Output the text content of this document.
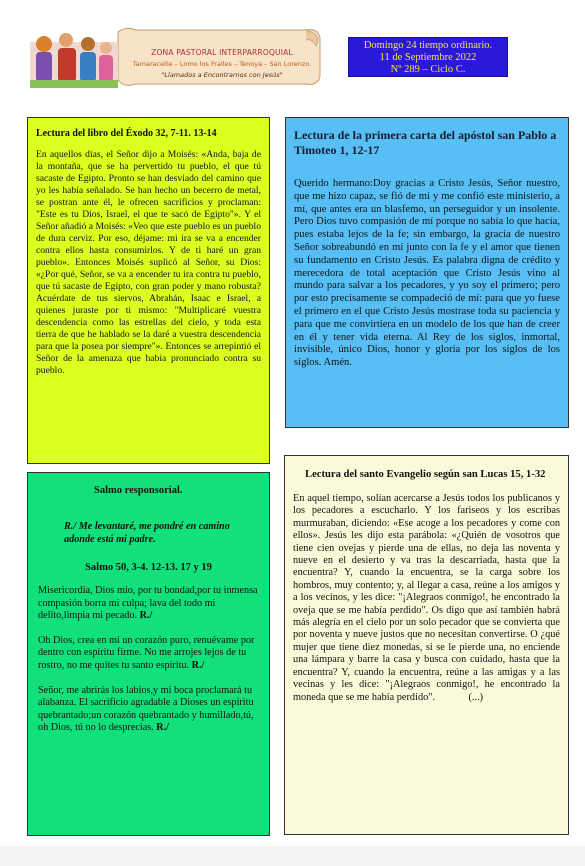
ZONA PASTORAL INTERPARROQUIAL
Tamaraceite – Lomo los Frailes – Tenoya – San Lorenzo.
"Llamados a Encontrarnos con Jesús"
Domingo 24 tiempo ordinario.
11 de Septiembre 2022
Nº 289 – Ciclo C.
Lectura del libro del Éxodo 32, 7-11. 13-14

En aquellos días, el Señor dijo a Moisés: «Anda, baja de la montaña, que se ha pervertido tu pueblo, el que tú sacaste de Egipto. Pronto se han desviado del camino que yo les había señalado. Se han hecho un becerro de metal, se postran ante él, le ofrecen sacrificios y proclaman: "Este es tu Dios, Israel, el que te sacó de Egipto"». Y el Señor añadió a Moisés: «Veo que este pueblo es un pueblo de dura cerviz. Por eso, déjame: mi ira se va a encender contra ellos hasta consumirlos. Y de ti haré un gran pueblo». Entonces Moisés suplicó al Señor, su Dios: «¿Por qué, Señor, se va a encender tu ira contra tu pueblo, que tú sacaste de Egipto, con gran poder y mano robusta? Acuérdate de tus siervos, Abrahán, Isaac e Israel, a quienes juraste por ti mismo: "Multiplicaré vuestra descendencia como las estrellas del cielo, y toda esta tierra de que he hablado se la daré a vuestra descendencia para que la posea por siempre"». Entonces se arrepintió el Señor de la amenaza que había pronunciado contra su pueblo.

Lectura de la primera carta del apóstol san Pablo a Timoteo 1, 12-17

Querido hermano:Doy gracias a Cristo Jesús, Señor nuestro, que me hizo capaz, se fió de mí y me confió este ministerio, a mí, que antes era un blasfemo, un perseguidor y un insolente. Pero Dios tuvo compasión de mí porque no sabía lo que hacía, pues estaba lejos de la fe; sin embargo, la gracia de nuestro Señor sobreabundó en mí junto con la fe y el amor que tienen su fundamento en Cristo Jesús. Es palabra digna de crédito y merecedora de total aceptación que Cristo Jesús vino al mundo para salvar a los pecadores, y yo soy el primero; pero por esto precisamente se compadeció de mí: para que yo fuese el primero en el que Cristo Jesús mostrase toda su paciencia y para que me convirtiera en un modelo de los que han de creer en él y tener vida eterna. Al Rey de los siglos, inmortal, invisible, único Dios, honor y gloria por los siglos de los siglos. Amén.

Salmo responsorial.
R./ Me levantaré, me pondré en camino adonde está mi padre.
Salmo 50, 3-4. 12-13. 17 y 19
Misericordia, Dios mío, por tu bondad,por tu inmensa compasión borra mi culpa; lava del todo mi delito,limpia mi pecado. R./
Oh Dios, crea en mí un corazón puro, renuévame por dentro con espíritu firme. No me arrojes lejos de tu rostro, no me quites tu santo espíritu. R./
Señor, me abrirás los labios,y mi boca proclamará tu alabanza. El sacrificio agradable a Dioses un espíritu quebrantado;un corazón quebrantado y humillado,tú, oh Dios, tú no lo desprecias. R./
Lectura del santo Evangelio según san Lucas 15, 1-32

En aquel tiempo, solían acercarse a Jesús todos los publicanos y los pecadores a escucharlo. Y los fariseos y los escribas murmuraban, diciendo: «Ese acoge a los pecadores y come con ellos». Jesús les dijo esta parábola: «¿Quién de vosotros que tiene cien ovejas y pierde una de ellas, no deja las noventa y nueve en el desierto y va tras la descarriada, hasta que la encuentra? Y, cuando la encuentra, se la carga sobre los hombros, muy contento; y, al llegar a casa, reúne a los amigos y a los vecinos, y les dice: "¡Alegraos conmigo!, he encontrado la oveja que se me había perdido". Os digo que así también habrá más alegría en el cielo por un solo pecador que se convierta que por noventa y nueve justos que no necesitan convertirse. O ¿qué mujer que tiene diez monedas, si se le pierde una, no enciende una lámpara y barre la casa y busca con cuidado, hasta que la encuentra? Y, cuando la encuentra, reúne a las amigas y a las vecinas y les dice: "¡Alegraos conmigo!, he encontrado la moneda que se me había perdido".	(...)
